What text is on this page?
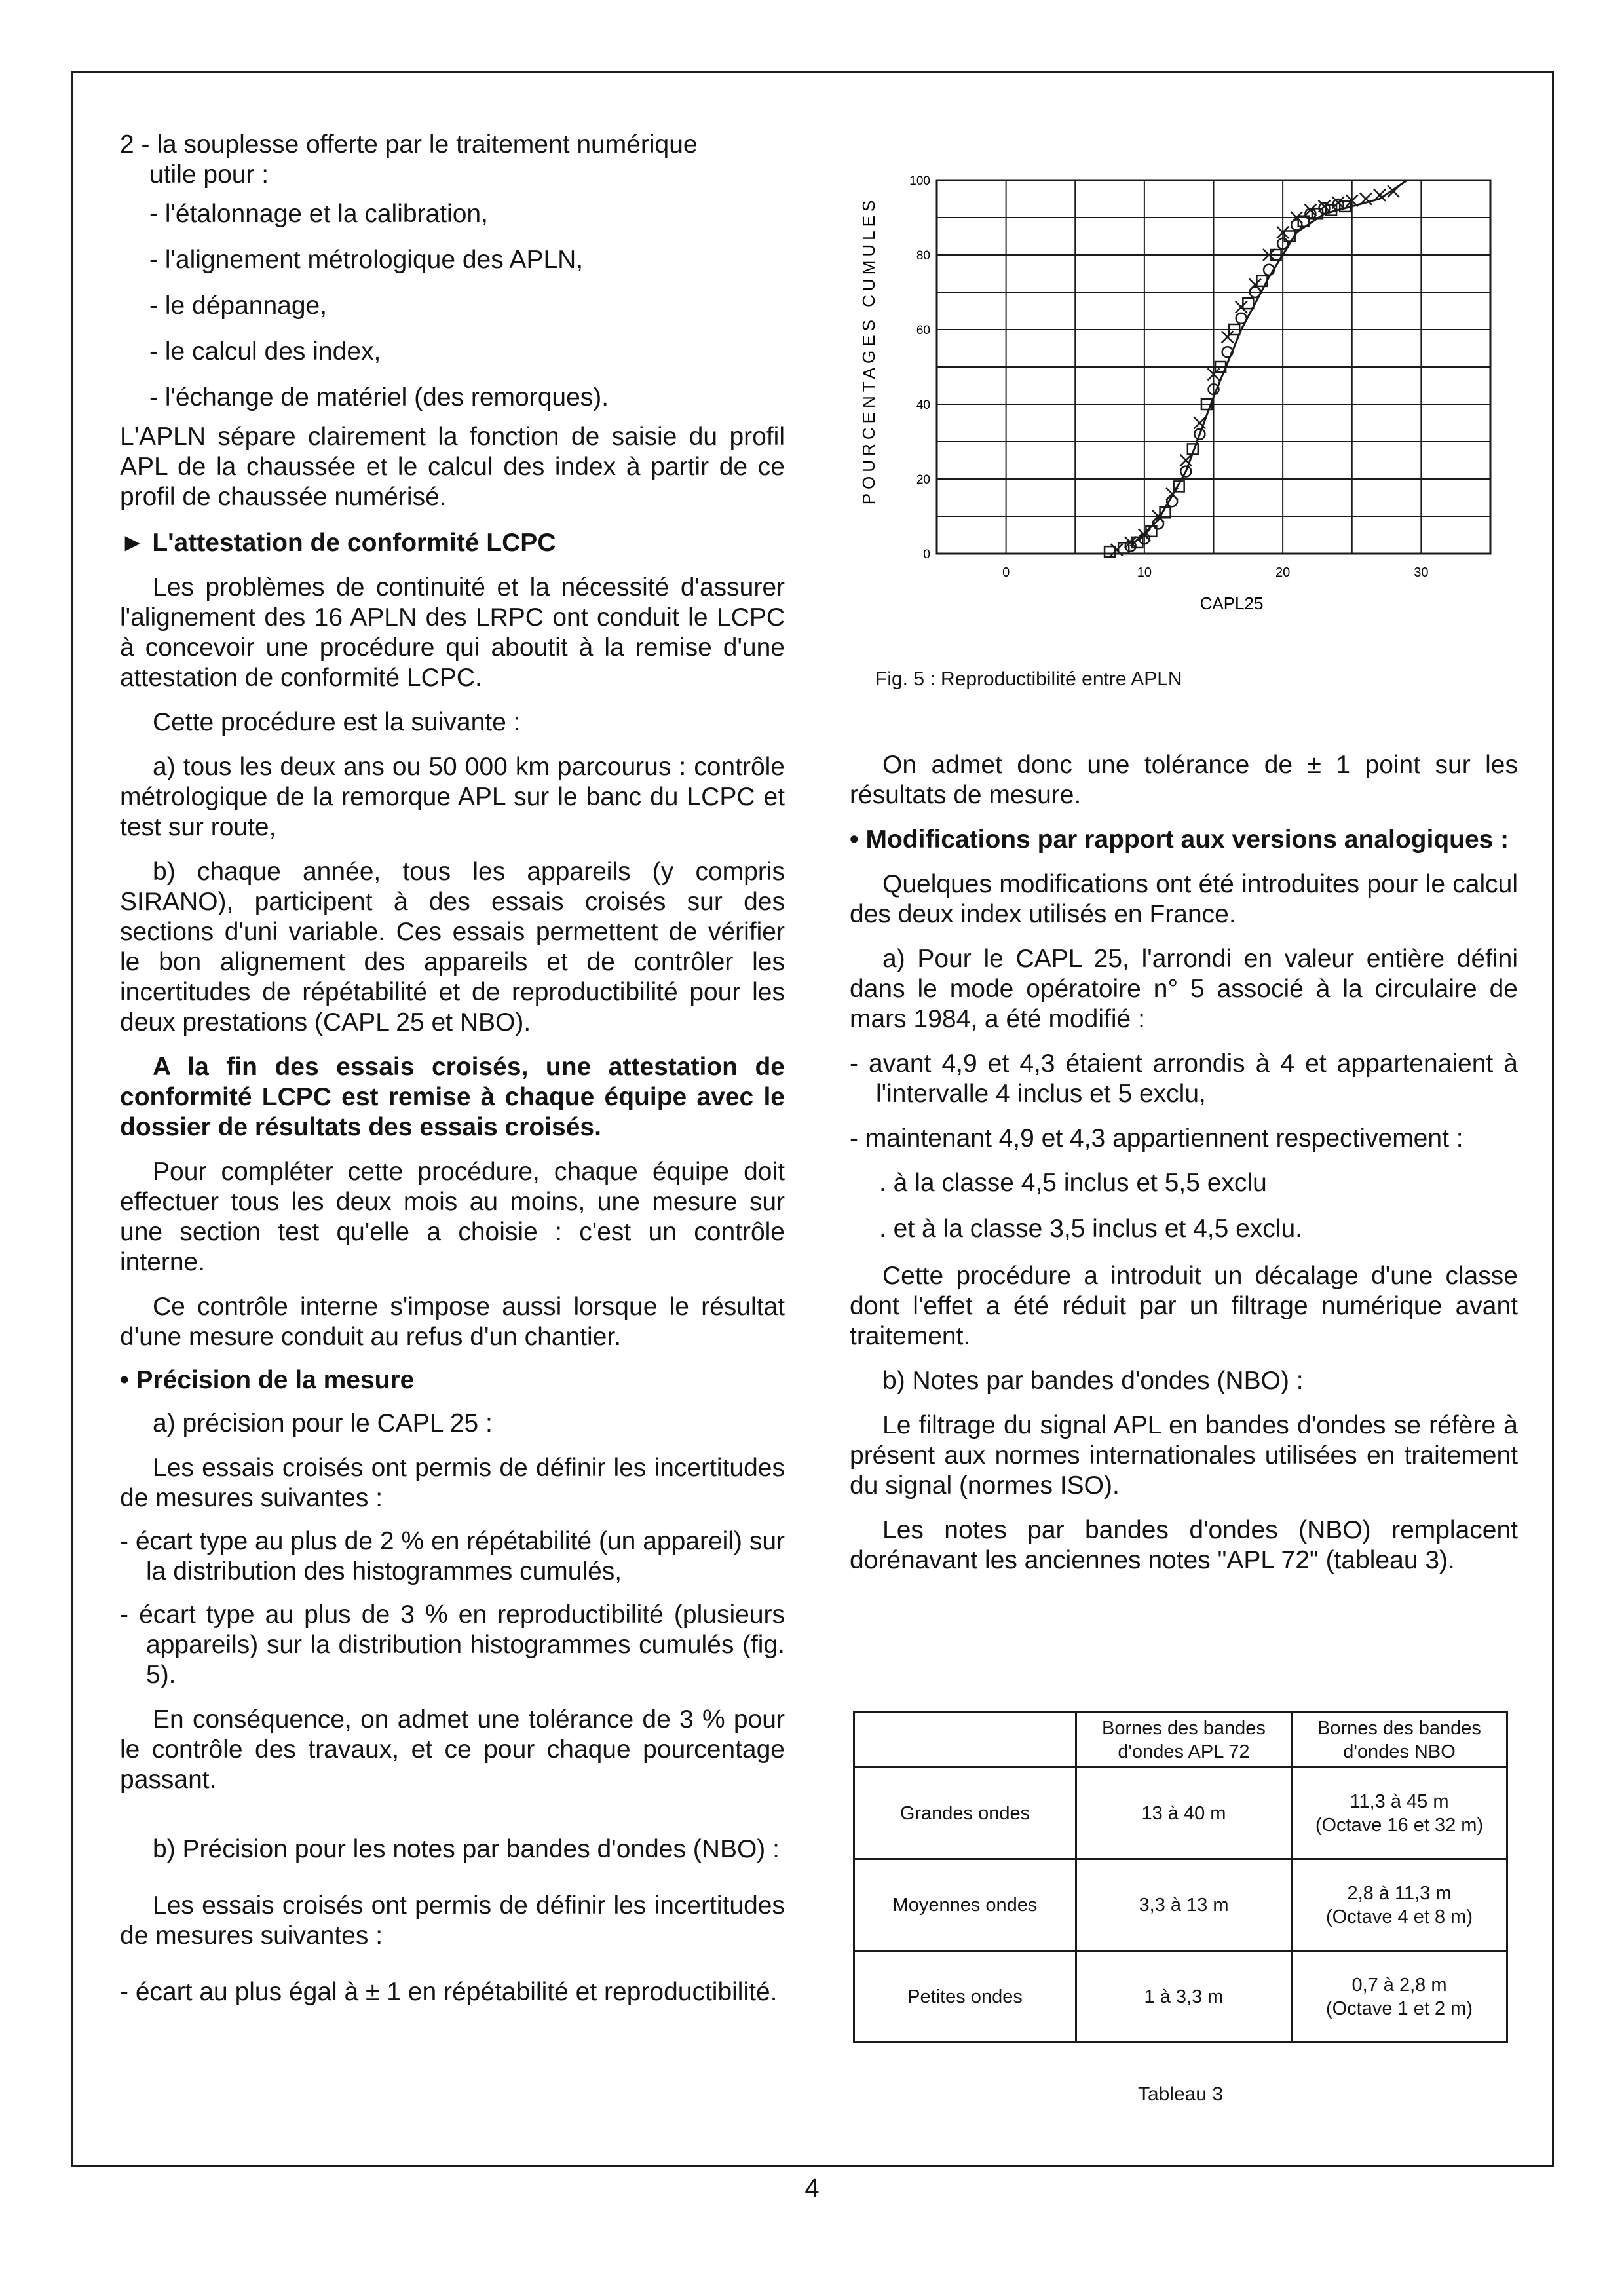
2 - la souplesse offerte par le traitement numérique

utile pour :

- l'étalonnage et la calibration,

- l'alignement métrologique des APLN,

- le dépannage,

- le calcul des index,

- l'échange de matériel (des remorques).

L'APLN sépare clairement la fonction de saisie du profil APL de la chaussée et le calcul des index à partir de ce profil de chaussée numérisé.

► L'attestation de conformité LCPC

Les problèmes de continuité et la nécessité d'assurer l'alignement des 16 APLN des LRPC ont conduit le LCPC à concevoir une procédure qui aboutit à la remise d'une attestation de conformité LCPC.

Cette procédure est la suivante :

a) tous les deux ans ou 50 000 km parcourus : contrôle métrologique de la remorque APL sur le banc du LCPC et test sur route,

b) chaque année, tous les appareils (y compris SIRANO), participent à des essais croisés sur des sections d'uni variable. Ces essais permettent de vérifier le bon alignement des appareils et de contrôler les incertitudes de répétabilité et de reproductibilité pour les deux prestations (CAPL 25 et NBO).

A la fin des essais croisés, une attestation de conformité LCPC est remise à chaque équipe avec le dossier de résultats des essais croisés.

Pour compléter cette procédure, chaque équipe doit effectuer tous les deux mois au moins, une mesure sur une section test qu'elle a choisie : c'est un contrôle interne.

Ce contrôle interne s'impose aussi lorsque le résultat d'une mesure conduit au refus d'un chantier.

• Précision de la mesure

a) précision pour le CAPL 25 :

Les essais croisés ont permis de définir les incertitudes de mesures suivantes :

- écart type au plus de 2 % en répétabilité (un appareil) sur la distribution des histogrammes cumulés,

- écart type au plus de 3 % en reproductibilité (plusieurs appareils) sur la distribution histogrammes cumulés (fig. 5).

En conséquence, on admet une tolérance de 3 % pour le contrôle des travaux, et ce pour chaque pourcentage passant.

b) Précision pour les notes par bandes d'ondes (NBO) :

Les essais croisés ont permis de définir les incertitudes de mesures suivantes :

- écart au plus égal à ± 1 en répétabilité et reproductibilité.

0	10	20	30
0
20
40
60
80
100
POURCENTAGES CUMULES
CAPL25
Fig. 5 : Reproductibilité entre APLN

On admet donc une tolérance de ± 1 point sur les résultats de mesure.

• Modifications par rapport aux versions analogiques :

Quelques modifications ont été introduites pour le calcul des deux index utilisés en France.

a) Pour le CAPL 25, l'arrondi en valeur entière défini dans le mode opératoire n° 5 associé à la circulaire de mars 1984, a été modifié :

- avant 4,9 et 4,3 étaient arrondis à 4 et appartenaient à l'intervalle 4 inclus et 5 exclu,

- maintenant 4,9 et 4,3 appartiennent respectivement :

. à la classe 4,5 inclus et 5,5 exclu

. et à la classe 3,5 inclus et 4,5 exclu.

Cette procédure a introduit un décalage d'une classe dont l'effet a été réduit par un filtrage numérique avant traitement.

b) Notes par bandes d'ondes (NBO) :

Le filtrage du signal APL en bandes d'ondes se réfère à présent aux normes internationales utilisées en traitement du signal (normes ISO).

Les notes par bandes d'ondes (NBO) remplacent dorénavant les anciennes notes "APL 72" (tableau 3).

	Bornes des bandes d'ondes APL 72	Bornes des bandes d'ondes NBO
Grandes ondes	13 à 40 m	11,3 à 45 m
(Octave 16 et 32 m)

Moyennes ondes	3,3 à 13 m	2,8 à 11,3 m
(Octave 4 et 8 m)

Petites ondes	1 à 3,3 m	0,7 à 2,8 m
(Octave 1 et 2 m)
Tableau 3
4
